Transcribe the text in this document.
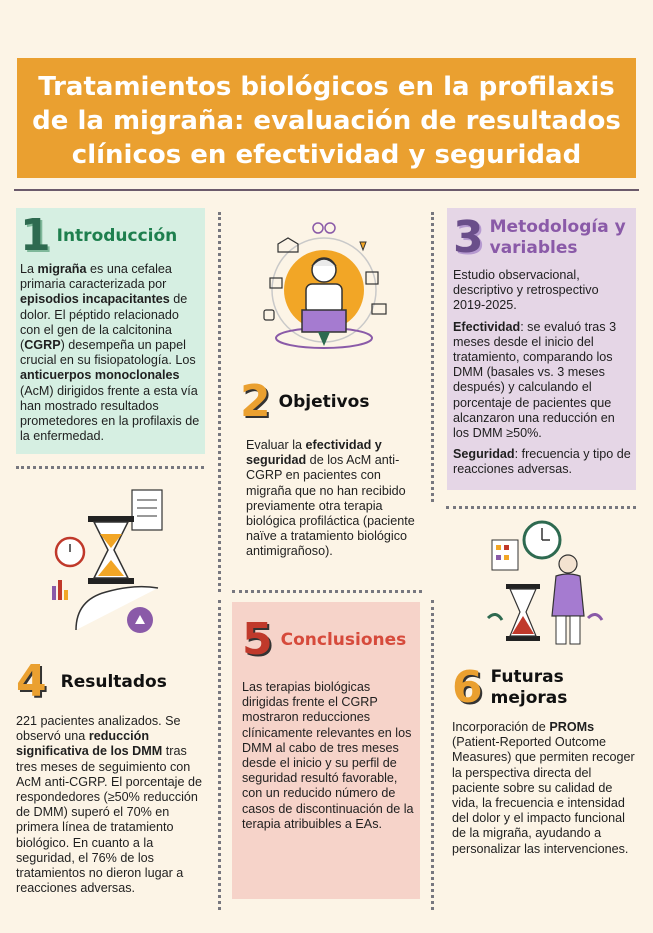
Tratamientos biológicos en la profilaxis de la migraña: evaluación de resultados clínicos en efectividad y seguridad
1 Introducción
La migraña es una cefalea primaria caracterizada por episodios incapacitantes de dolor. El péptido relacionado con el gen de la calcitonina (CGRP) desempeña un papel crucial en su fisiopatología. Los anticuerpos monoclonales (AcM) dirigidos frente a esta vía han mostrado resultados prometedores en la profilaxis de la enfermedad.
2 Objetivos
Evaluar la efectividad y seguridad de los AcM anti-CGRP en pacientes con migraña que no han recibido previamente otra terapia biológica profiláctica (paciente naïve a tratamiento biológico antimigrañoso).
3 Metodología y variables

Estudio observacional, descriptivo y retrospectivo 2019-2025.

Efectividad: se evaluó tras 3 meses desde el inicio del tratamiento, comparando los DMM (basales vs. 3 meses después) y calculando el porcentaje de pacientes que alcanzaron una reducción en los DMM ≥50%.

Seguridad: frecuencia y tipo de reacciones adversas.

4 Resultados
221 pacientes analizados. Se observó una reducción significativa de los DMM tras tres meses de seguimiento con AcM anti-CGRP. El porcentaje de respondedores (≥50% reducción de DMM) superó el 70% en primera línea de tratamiento biológico. En cuanto a la seguridad, el 76% de los tratamientos no dieron lugar a reacciones adversas.
5 Conclusiones
Las terapias biológicas dirigidas frente el CGRP mostraron reducciones clínicamente relevantes en los DMM al cabo de tres meses desde el inicio y su perfil de seguridad resultó favorable, con un reducido número de casos de discontinuación de la terapia atribuibles a EAs.
6 Futuras mejoras
Incorporación de PROMs (Patient-Reported Outcome Measures) que permiten recoger la perspectiva directa del paciente sobre su calidad de vida, la frecuencia e intensidad del dolor y el impacto funcional de la migraña, ayudando a personalizar las intervenciones.
